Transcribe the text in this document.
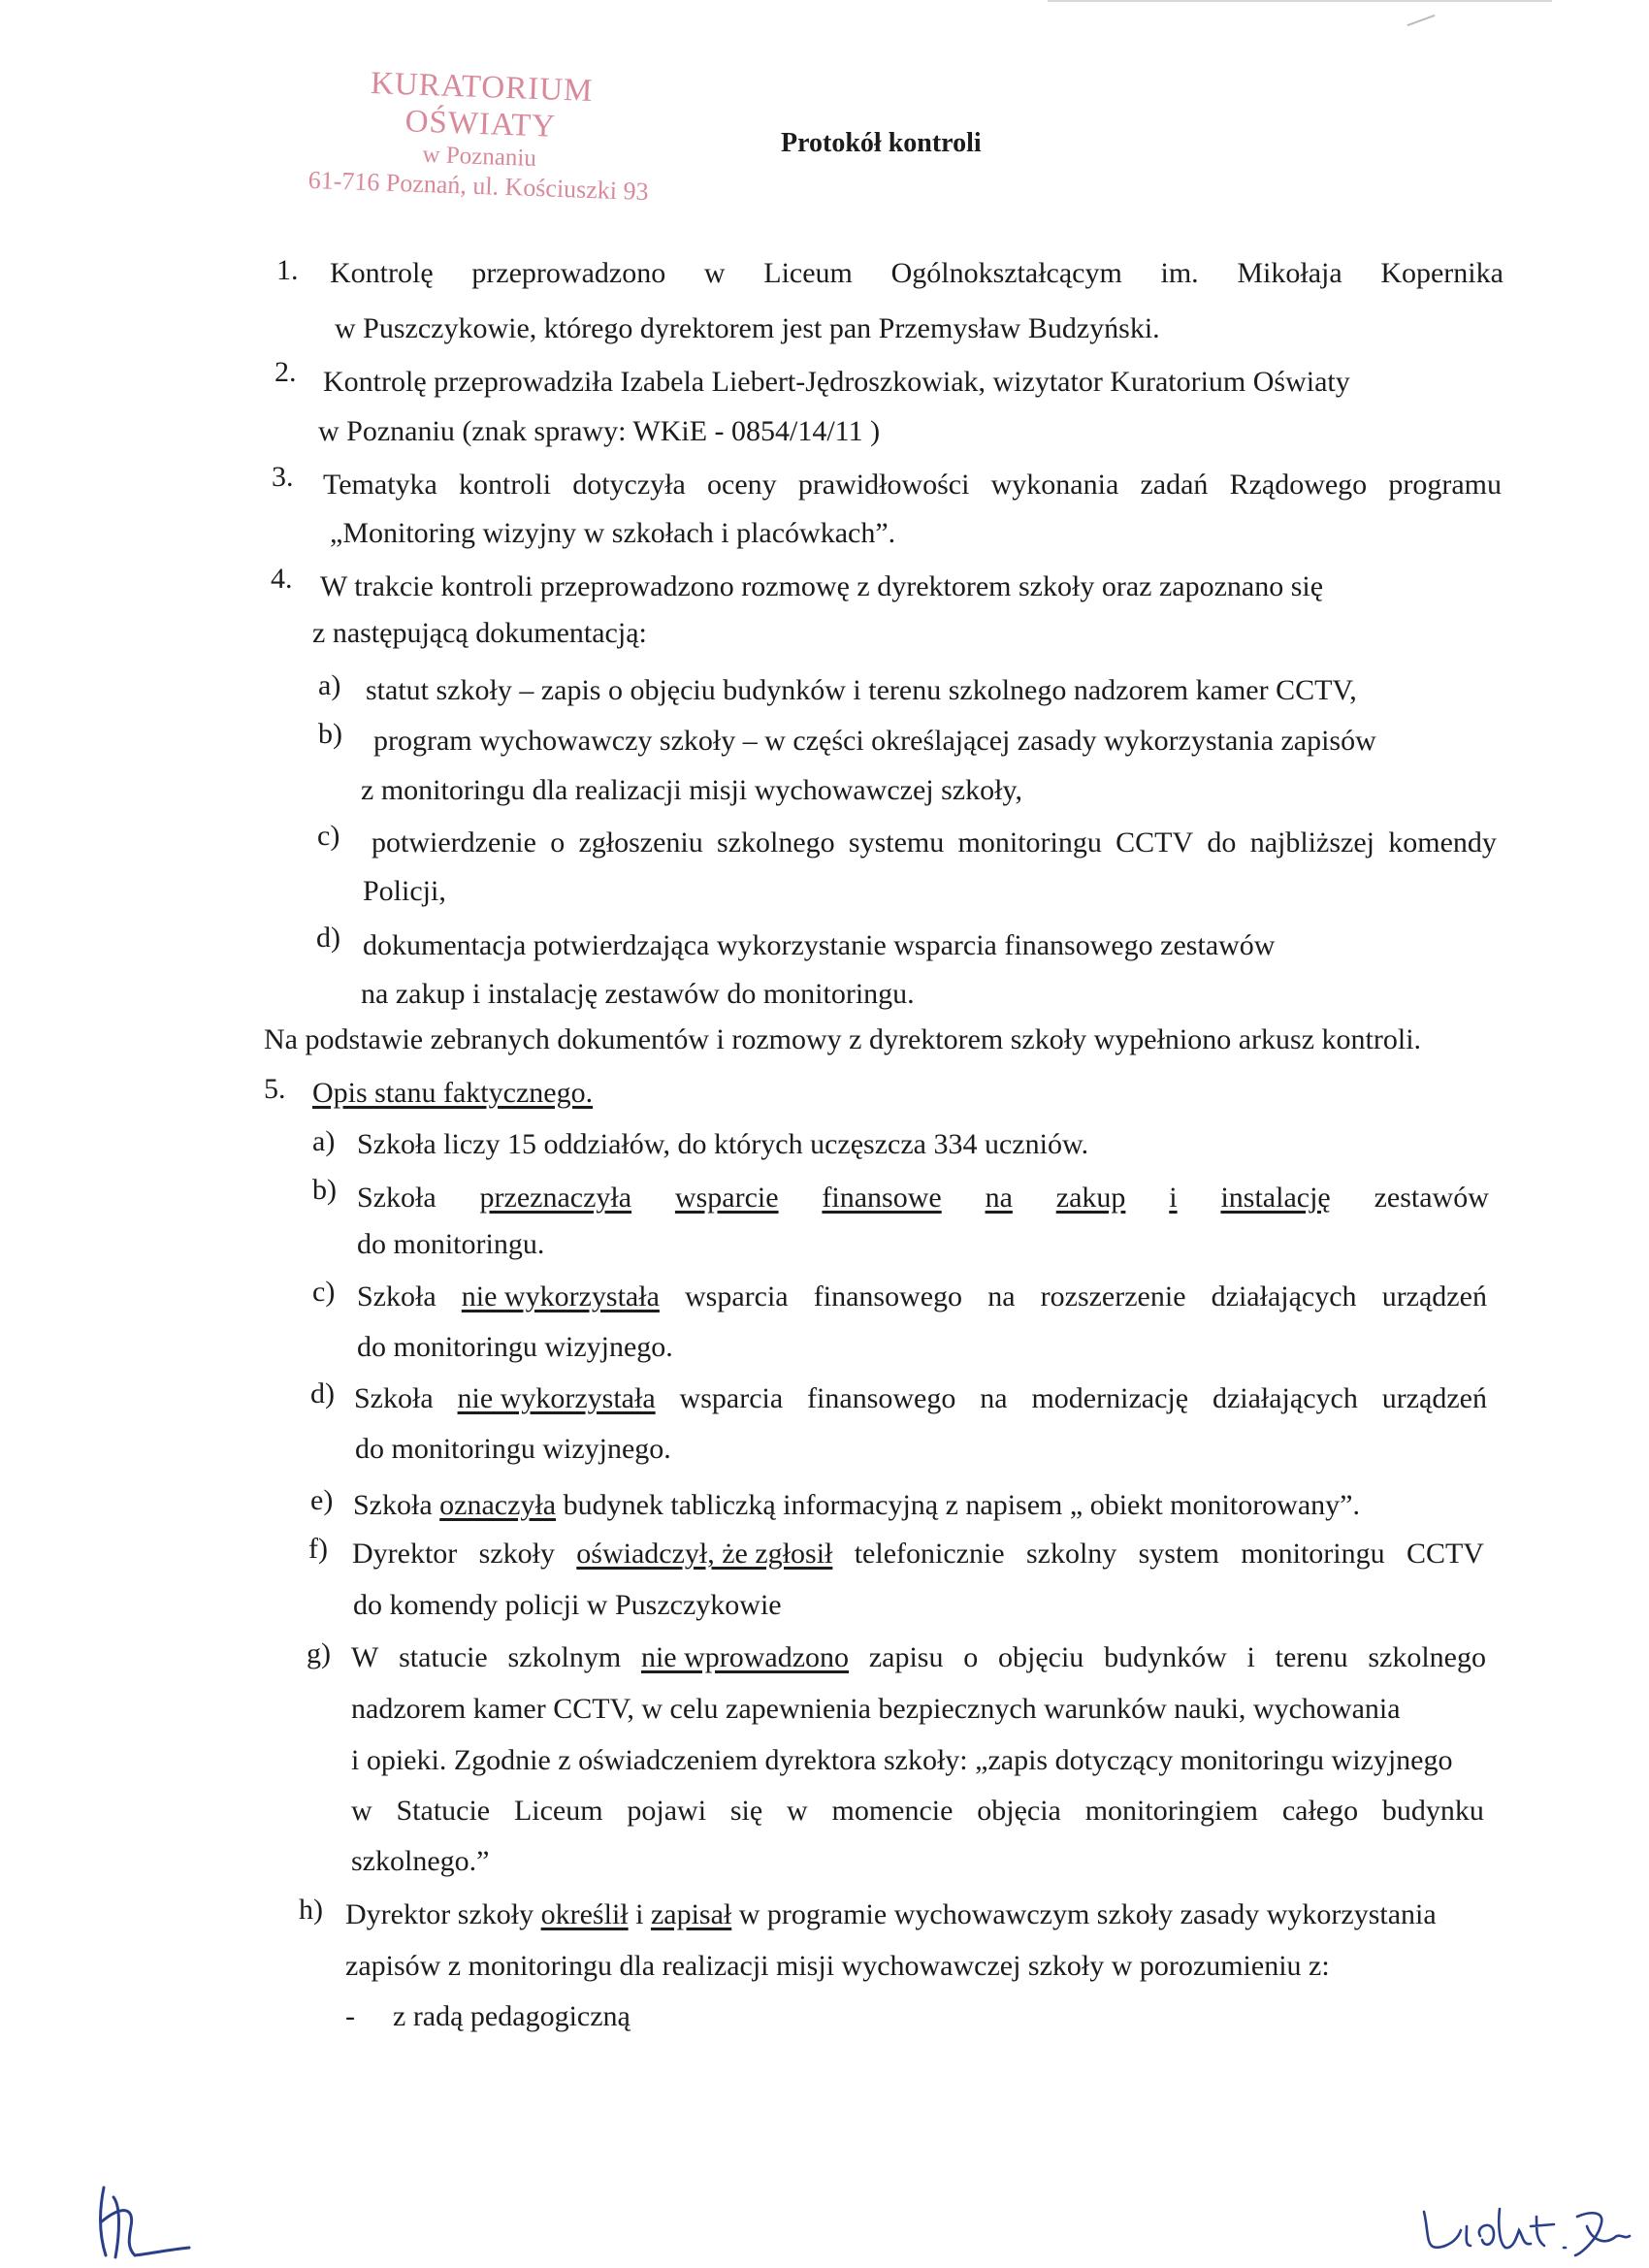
KURATORIUM OŚWIATY
w Poznaniu
61-716 Poznań, ul. Kościuszki 93
Protokół kontroli
1. Kontrolę przeprowadzono w Liceum Ogólnokształcącym im. Mikołaja Kopernika
w Puszczykowie, którego dyrektorem jest pan Przemysław Budzyński.
2. Kontrolę przeprowadziła Izabela Liebert-Jędroszkowiak, wizytator Kuratorium Oświaty
w Poznaniu (znak sprawy: WKiE - 0854/14/11 )
3. Tematyka kontroli dotyczyła oceny prawidłowości wykonania zadań Rządowego programu
„Monitoring wizyjny w szkołach i placówkach”.
4. W trakcie kontroli przeprowadzono rozmowę z dyrektorem szkoły oraz zapoznano się
z następującą dokumentacją:
a) statut szkoły – zapis o objęciu budynków i terenu szkolnego nadzorem kamer CCTV,
b) program wychowawczy szkoły – w części określającej zasady wykorzystania zapisów
z monitoringu dla realizacji misji wychowawczej szkoły,
c) potwierdzenie o zgłoszeniu szkolnego systemu monitoringu CCTV do najbliższej komendy
Policji,
d) dokumentacja potwierdzająca wykorzystanie wsparcia finansowego zestawów
na zakup i instalację zestawów do monitoringu.
Na podstawie zebranych dokumentów i rozmowy z dyrektorem szkoły wypełniono arkusz kontroli.
5. Opis stanu faktycznego.
a) Szkoła liczy 15 oddziałów, do których uczęszcza 334 uczniów.
b) Szkoła przeznaczyła wsparcie finansowe na zakup i instalację zestawów
do monitoringu.
c) Szkoła nie wykorzystała wsparcia finansowego na rozszerzenie działających urządzeń
do monitoringu wizyjnego.
d) Szkoła nie wykorzystała wsparcia finansowego na modernizację działających urządzeń
do monitoringu wizyjnego.
e) Szkoła oznaczyła budynek tabliczką informacyjną z napisem „ obiekt monitorowany”.
f) Dyrektor szkoły oświadczył, że zgłosił telefonicznie szkolny system monitoringu CCTV
do komendy policji w Puszczykowie
g) W statucie szkolnym nie wprowadzono zapisu o objęciu budynków i terenu szkolnego
nadzorem kamer CCTV, w celu zapewnienia bezpiecznych warunków nauki, wychowania
i opieki. Zgodnie z oświadczeniem dyrektora szkoły: „zapis dotyczący monitoringu wizyjnego
w Statucie Liceum pojawi się w momencie objęcia monitoringiem całego budynku
szkolnego.”
h) Dyrektor szkoły określił i zapisał w programie wychowawczym szkoły zasady wykorzystania
zapisów z monitoringu dla realizacji misji wychowawczej szkoły w porozumieniu z:
- z radą pedagogiczną
